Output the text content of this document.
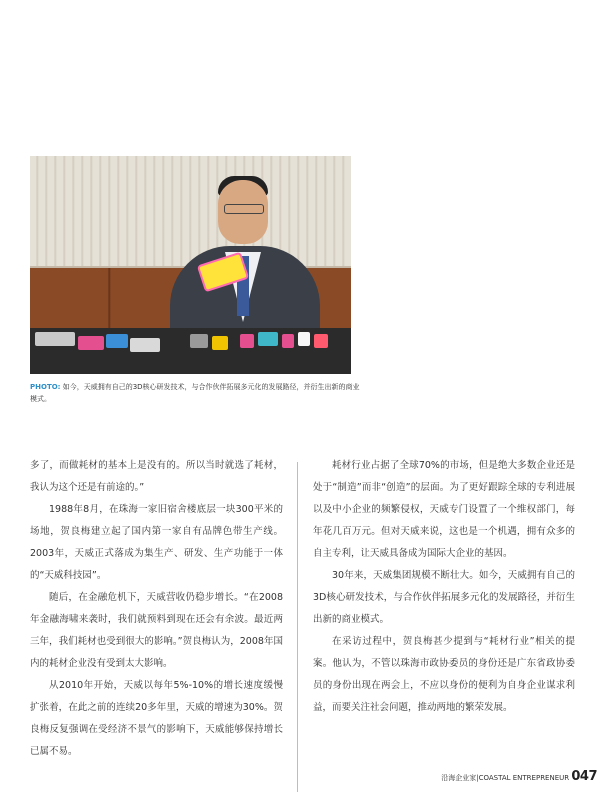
PHOTO: 如今，天威拥有自己的3D核心研发技术，与合作伙伴拓展多元化的发展路径，并衍生出新的商业模式。

多了，而做耗材的基本上是没有的。所以当时就选了耗材，我认为这个还是有前途的。”

1988年8月，在珠海一家旧宿舍楼底层一块300平米的场地，贺良梅建立起了国内第一家自有品牌色带生产线。2003年，天威正式落成为集生产、研发、生产功能于一体的“天威科技园”。

随后，在金融危机下，天威营收仍稳步增长。“在2008年金融海啸来袭时，我们就预料到现在还会有余波。最近两三年，我们耗材也受到很大的影响。”贺良梅认为，2008年国内的耗材企业没有受到太大影响。

从2010年开始，天威以每年5%-10%的增长速度缓慢扩张着，在此之前的连续20多年里，天威的增速为30%。贺良梅反复强调在受经济不景气的影响下，天威能够保持增长已属不易。

耗材行业占据了全球70%的市场，但是绝大多数企业还是处于“制造”而非“创造”的层面。为了更好跟踪全球的专利进展以及中小企业的频繁侵权，天威专门设置了一个维权部门，每年花几百万元。但对天威来说，这也是一个机遇，拥有众多的自主专利，让天威具备成为国际大企业的基因。

30年来，天威集团规模不断壮大。如今，天威拥有自己的3D核心研发技术，与合作伙伴拓展多元化的发展路径，并衍生出新的商业模式。

在采访过程中，贺良梅甚少提到与“耗材行业”相关的提案。他认为，不管以珠海市政协委员的身份还是广东省政协委员的身份出现在两会上，不应以身份的便利为自身企业谋求利益，而要关注社会问题，推动两地的繁荣发展。

沿海企业家|COASTAL ENTREPRENEUR 047
